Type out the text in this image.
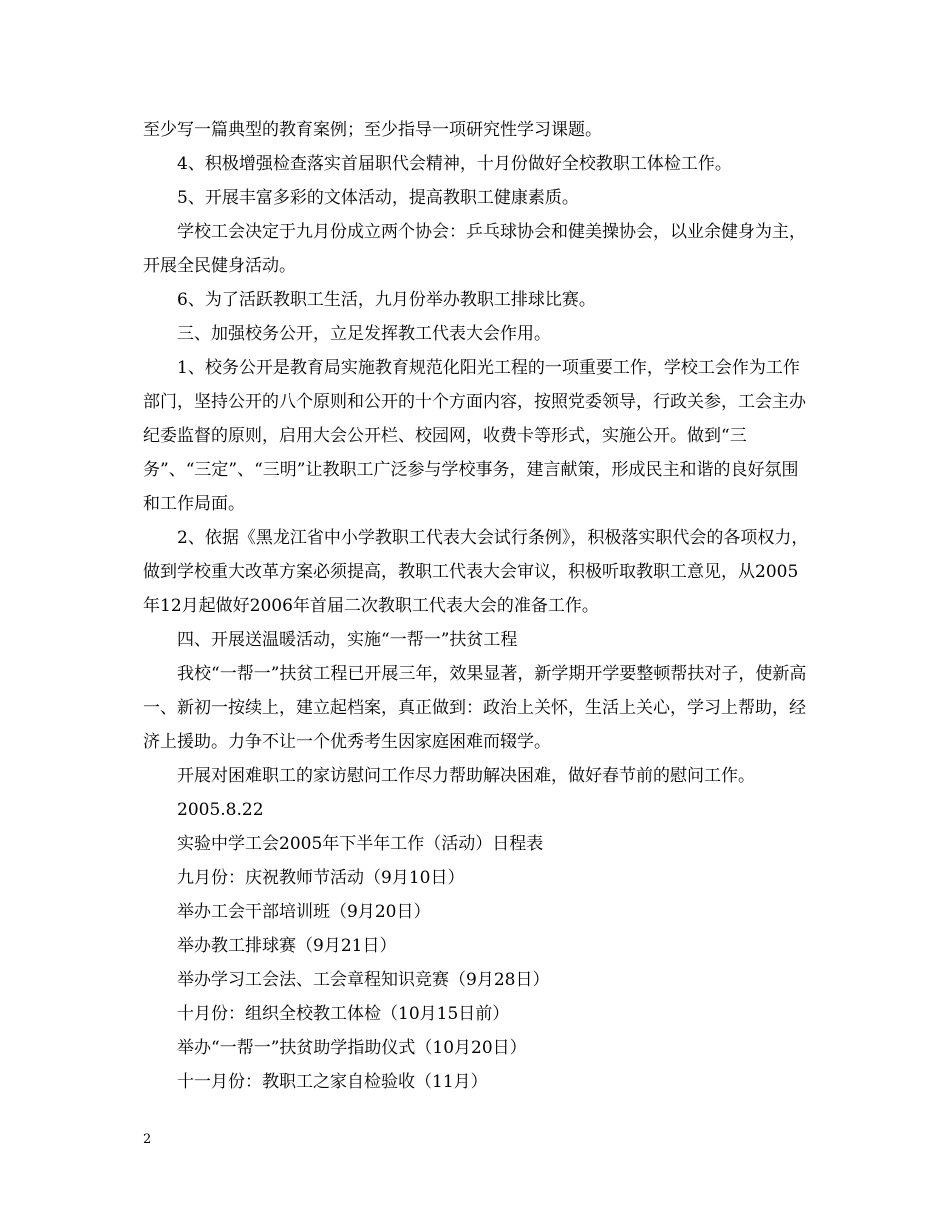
至少写一篇典型的教育案例；至少指导一项研究性学习课题。

4、积极增强检查落实首届职代会精神，十月份做好全校教职工体检工作。

5、开展丰富多彩的文体活动，提高教职工健康素质。

学校工会决定于九月份成立两个协会：乒乓球协会和健美操协会，以业余健身为主，开展全民健身活动。

6、为了活跃教职工生活，九月份举办教职工排球比赛。

三、加强校务公开，立足发挥教工代表大会作用。

1、校务公开是教育局实施教育规范化阳光工程的一项重要工作，学校工会作为工作部门，坚持公开的八个原则和公开的十个方面内容，按照党委领导，行政关参，工会主办纪委监督的原则，启用大会公开栏、校园网，收费卡等形式，实施公开。做到“三务”、“三定”、“三明”让教职工广泛参与学校事务，建言献策，形成民主和谐的良好氛围和工作局面。

2、依据《黑龙江省中小学教职工代表大会试行条例》，积极落实职代会的各项权力，做到学校重大改革方案必须提高，教职工代表大会审议，积极听取教职工意见，从2005年12月起做好2006年首届二次教职工代表大会的准备工作。

四、开展送温暖活动，实施“一帮一”扶贫工程

我校“一帮一”扶贫工程已开展三年，效果显著，新学期开学要整顿帮扶对子，使新高一、新初一按续上，建立起档案，真正做到：政治上关怀，生活上关心，学习上帮助，经济上援助。力争不让一个优秀考生因家庭困难而辍学。

开展对困难职工的家访慰问工作尽力帮助解决困难，做好春节前的慰问工作。

2005.8.22

实验中学工会2005年下半年工作（活动）日程表

九月份：庆祝教师节活动（9月10日）

举办工会干部培训班（9月20日）

举办教工排球赛（9月21日）

举办学习工会法、工会章程知识竞赛（9月28日）

十月份：组织全校教工体检（10月15日前）

举办“一帮一”扶贫助学指助仪式（10月20日）

十一月份：教职工之家自检验收（11月）

2
